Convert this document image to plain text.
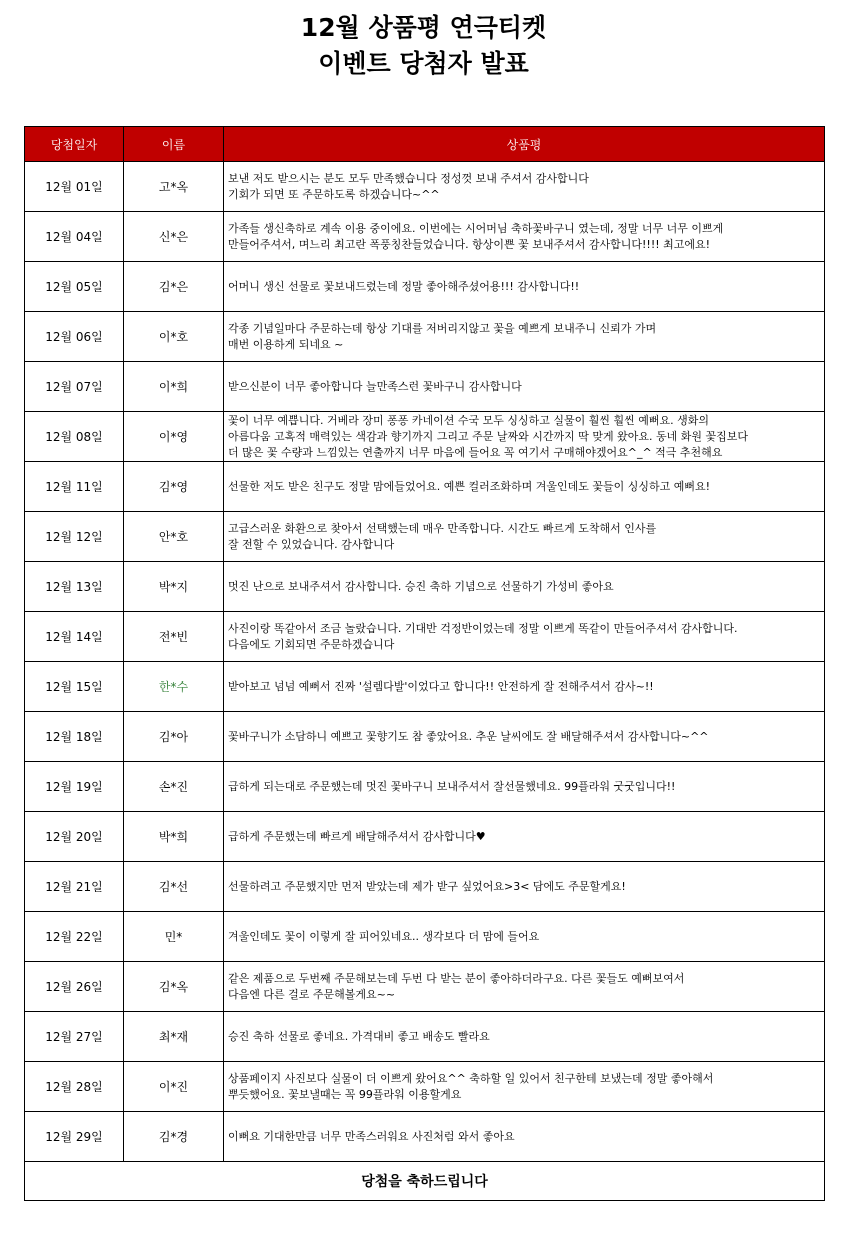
12월 상품평 연극티켓
이벤트 당첨자 발표
당첨일자	이름	상품평
12월 01일	고*옥	보낸 저도 받으시는 분도 모두 만족했습니다 정성껏 보내 주셔서 감사합니다
기회가 되면 또 주문하도록 하겠습니다~^^
12월 04일	신*은	가족들 생신축하로 계속 이용 중이에요. 이번에는 시어머님 축하꽃바구니 였는데, 정말 너무 너무 이쁘게
만들어주셔서, 며느리 최고란 폭풍칭찬들었습니다. 항상이쁜 꽃 보내주셔서 감사합니다!!!! 최고에요!
12월 05일	김*은	어머니 생신 선물로 꽃보내드렸는데 정말 좋아해주셨어용!!! 감사합니다!!
12월 06일	이*호	각종 기념일마다 주문하는데 항상 기대를 저버리지않고 꽃을 예쁘게 보내주니 신뢰가 가며
매번 이용하게 되네요 ~
12월 07일	이*희	받으신분이 너무 좋아합니다 늘만족스런 꽃바구니 감사합니다
12월 08일	이*영	꽃이 너무 예쁩니다. 거베라 장미 퐁퐁 카네이션 수국 모두 싱싱하고 실물이 훨씬 훨씬 예뻐요. 생화의
아름다움 고혹적 매력있는 색감과 향기까지 그리고 주문 날짜와 시간까지 딱 맞게 왔아요. 동네 화원 꽃집보다
더 많은 꽃 수량과 느낌있는 연출까지 너무 마음에 들어요 꼭 여기서 구매해야겠어요^_^ 적극 추천해요
12월 11일	김*영	선물한 저도 받은 친구도 정말 맘에들었어요. 예쁜 컬러조화하며 겨울인데도 꽃들이 싱싱하고 예뻐요!
12월 12일	안*호	고급스러운 화환으로 찾아서 선택했는데 매우 만족합니다. 시간도 빠르게 도착해서 인사를
잘 전할 수 있었습니다. 감사합니다
12월 13일	박*지	멋진 난으로 보내주셔서 감사합니다. 승진 축하 기념으로 선물하기 가성비 좋아요
12월 14일	전*빈	사진이랑 똑같아서 조금 놀랐습니다. 기대반 걱정반이었는데 정말 이쁘게 똑같이 만들어주셔서 감사합니다.
다음에도 기회되면 주문하겠습니다
12월 15일	한*수	받아보고 넘넘 예뻐서 진짜 '설렘다발'이었다고 합니다!! 안전하게 잘 전해주셔서 감사~!!
12월 18일	김*아	꽃바구니가 소담하니 예쁘고 꽃향기도 참 좋았어요. 추운 날씨에도 잘 배달해주셔서 감사합니다~^^
12월 19일	손*진	급하게 되는대로 주문했는데 멋진 꽃바구니 보내주셔서 잘선물했네요. 99플라워 굿굿입니다!!
12월 20일	박*희	급하게 주문했는데 빠르게 배달해주셔서 감사합니다♥
12월 21일	김*선	선물하려고 주문했지만 먼저 받았는데 제가 받구 싶었어요>3< 담에도 주문할게요!
12월 22일	민*	겨울인데도 꽃이 이렇게 잘 피어있네요.. 생각보다 더 맘에 들어요
12월 26일	김*옥	같은 제품으로 두번째 주문해보는데 두번 다 받는 분이 좋아하더라구요. 다른 꽃들도 예뻐보여서
다음엔 다른 걸로 주문해볼게요~~
12월 27일	최*재	승진 축하 선물로 좋네요. 가격대비 좋고 배송도 빨라요
12월 28일	이*진	상품페이지 사진보다 실물이 더 이쁘게 왔어요^^ 축하할 일 있어서 친구한테 보냈는데 정말 좋아해서
뿌듯했어요. 꽃보낼때는 꼭 99플라워 이용할게요
12월 29일	김*경	이뻐요 기대한만큼 너무 만족스러워요 사진처럼 와서 좋아요
당첨을 축하드립니다		
